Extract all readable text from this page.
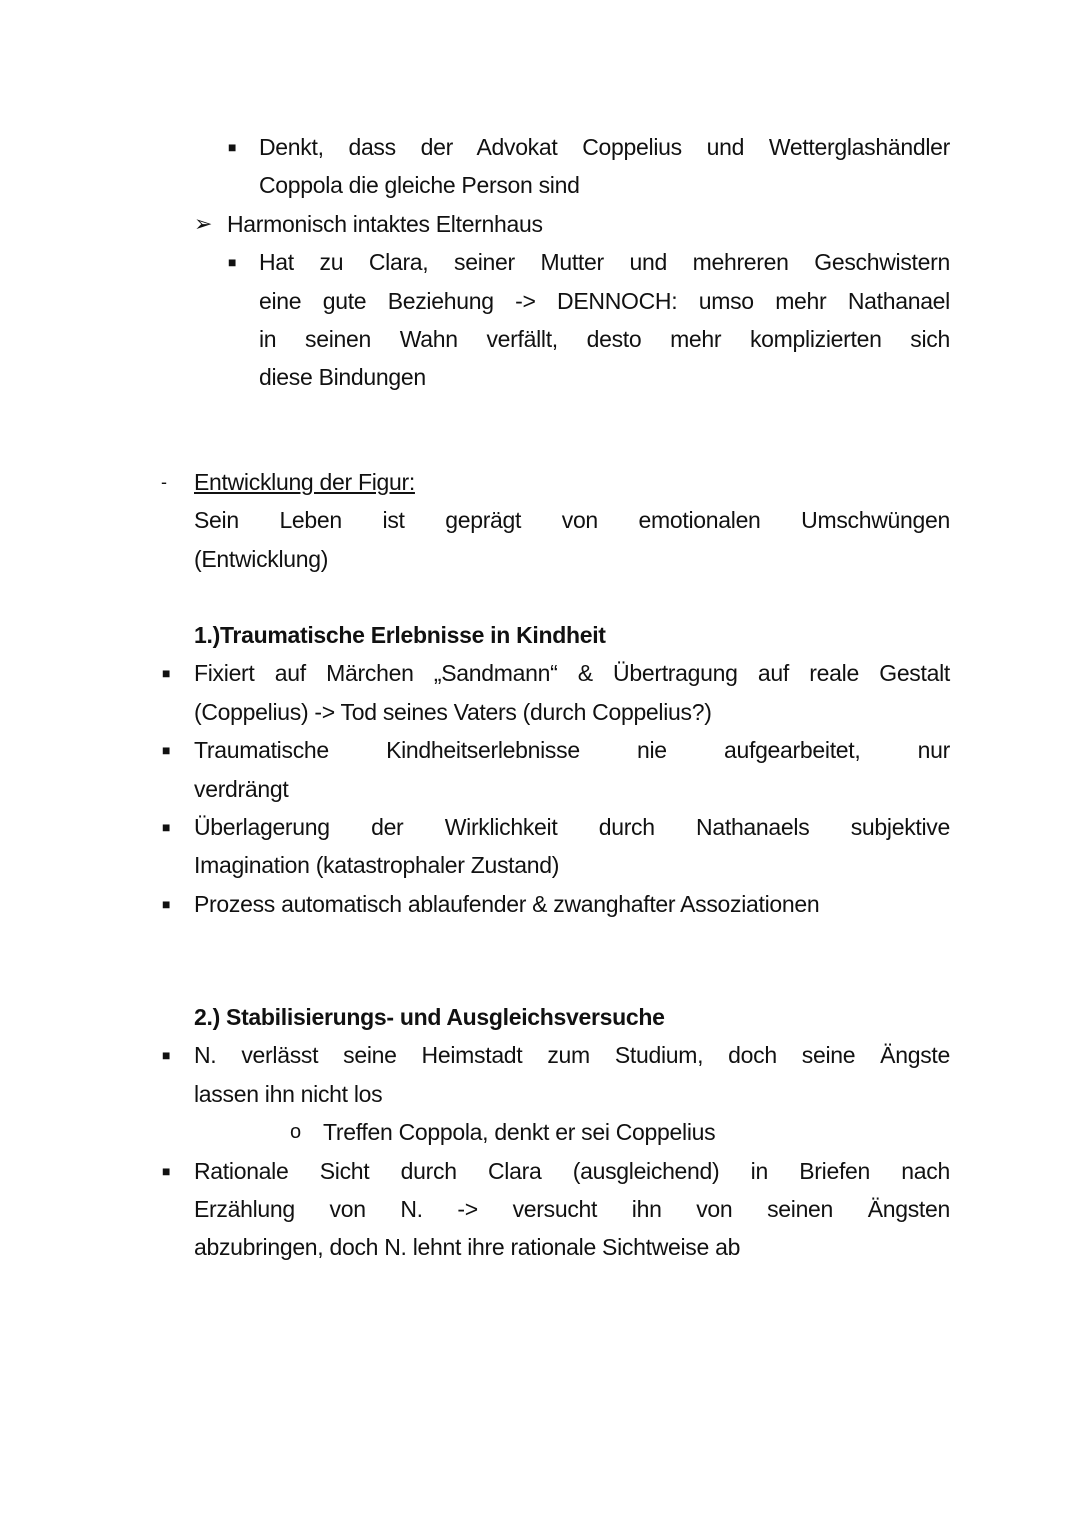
■ Denkt, dass der Advokat Coppelius und Wetterglashändler
Coppola die gleiche Person sind
➢ Harmonisch intaktes Elternhaus
■ Hat zu Clara, seiner Mutter und mehreren Geschwistern
eine gute Beziehung -> DENNOCH: umso mehr Nathanael
in seinen Wahn verfällt, desto mehr komplizierten sich
diese Bindungen
- Entwicklung der Figur:
Sein Leben ist geprägt von emotionalen Umschwüngen
(Entwicklung)
1.)Traumatische Erlebnisse in Kindheit
■ Fixiert auf Märchen „Sandmann“ & Übertragung auf reale Gestalt
(Coppelius) -> Tod seines Vaters (durch Coppelius?)
■ Traumatische Kindheitserlebnisse nie aufgearbeitet, nur
verdrängt
■ Überlagerung der Wirklichkeit durch Nathanaels subjektive
Imagination (katastrophaler Zustand)
■ Prozess automatisch ablaufender & zwanghafter Assoziationen
2.) Stabilisierungs- und Ausgleichsversuche
■ N. verlässt seine Heimstadt zum Studium, doch seine Ängste
lassen ihn nicht los
o Treffen Coppola, denkt er sei Coppelius
■ Rationale Sicht durch Clara (ausgleichend) in Briefen nach
Erzählung von N. -> versucht ihn von seinen Ängsten
abzubringen, doch N. lehnt ihre rationale Sichtweise ab
